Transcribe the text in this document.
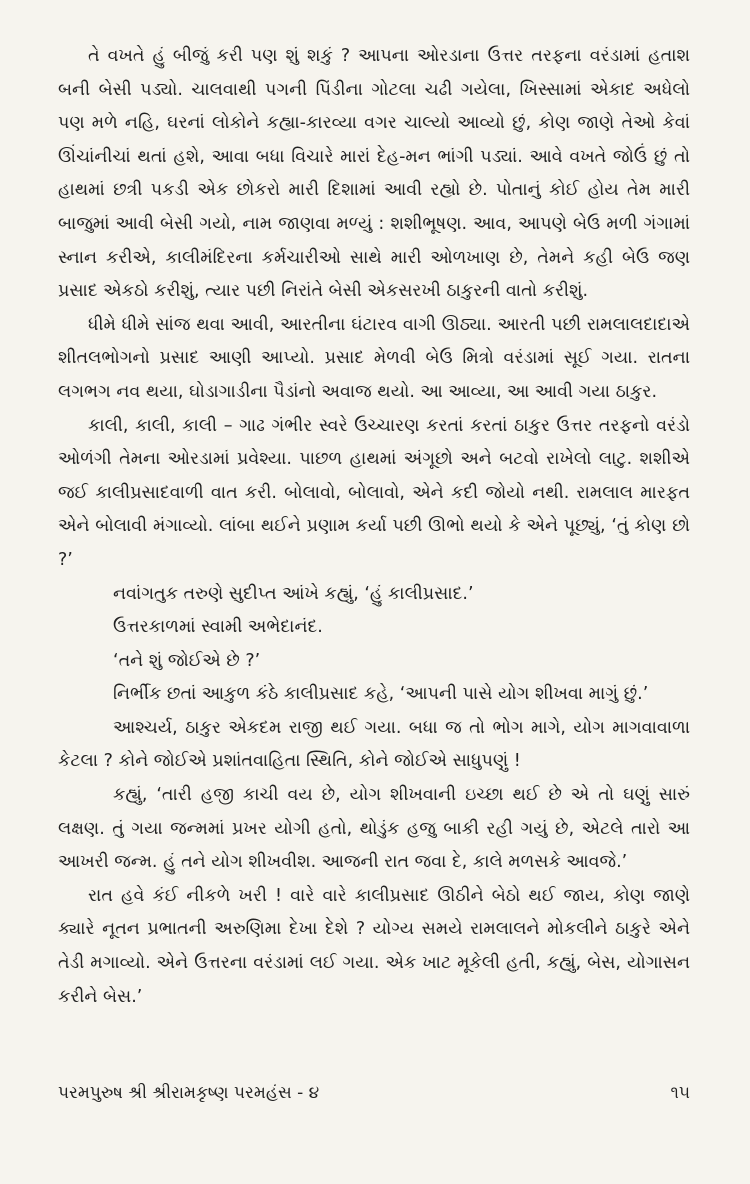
તે વખતે હું બીજું કરી પણ શું શકું ? આપના ઓરડાના ઉત્તર તરફના વરંડામાં હતાશ બની બેસી પડ્યો. ચાલવાથી પગની પિંડીના ગોટલા ચઢી ગયેલા, ખિસ્સામાં એકાદ અધેલો પણ મળે નહિ, ઘરનાં લોકોને કહ્યા-કારવ્યા વગર ચાલ્યો આવ્યો છું, કોણ જાણે તેઓ કેવાં ઊંચાંનીચાં થતાં હશે, આવા બધા વિચારે મારાં દેહ-મન ભાંગી પડ્યાં. આવે વખતે જોઉં છું તો હાથમાં છત્રી પકડી એક છોકરો મારી દિશામાં આવી રહ્યો છે. પોતાનું કોઈ હોય તેમ મારી બાજુમાં આવી બેસી ગયો, નામ જાણવા મળ્યું : શશીભૂષણ. આવ, આપણે બેઉ મળી ગંગામાં સ્નાન કરીએ, કાલીમંદિરના કર્મચારીઓ સાથે મારી ઓળખાણ છે, તેમને કહી બેઉ જણ પ્રસાદ એકઠો કરીશું, ત્યાર પછી નિરાંતે બેસી એકસરખી ઠાકુરની વાતો કરીશું.

ધીમે ધીમે સાંજ થવા આવી, આરતીના ઘંટારવ વાગી ઊઠ્યા. આરતી પછી રામલાલદાદાએ શીતલભોગનો પ્રસાદ આણી આપ્યો. પ્રસાદ મેળવી બેઉ મિત્રો વરંડામાં સૂઈ ગયા. રાતના લગભગ નવ થયા, ઘોડાગાડીના પૈડાંનો અવાજ થયો. આ આવ્યા, આ આવી ગયા ઠાકુર.

કાલી, કાલી, કાલી – ગાઢ ગંભીર સ્વરે ઉચ્ચારણ કરતાં કરતાં ઠાકુર ઉત્તર તરફનો વરંડો ઓળંગી તેમના ઓરડામાં પ્રવેશ્યા. પાછળ હાથમાં અંગૂછો અને બટવો રાખેલો લાટુ. શશીએ જઈ કાલીપ્રસાદવાળી વાત કરી. બોલાવો, બોલાવો, એને કદી જોયો નથી. રામલાલ મારફત એને બોલાવી મંગાવ્યો. લાંબા થઈને પ્રણામ કર્યા પછી ઊભો થયો કે એને પૂછ્યું, ‘તું કોણ છો ?’

નવાંગતુક તરુણે સુદીપ્ત આંખે કહ્યું, ‘હું કાલીપ્રસાદ.’

ઉત્તરકાળમાં સ્વામી અભેદાનંદ.

‘તને શું જોઈએ છે ?’

નિર્ભીક છતાં આકુળ કંઠે કાલીપ્રસાદ કહે, ‘આપની પાસે યોગ શીખવા માગું છું.’

આશ્ચર્ય, ઠાકુર એકદમ રાજી થઈ ગયા. બધા જ તો ભોગ માગે, યોગ માગવાવાળા કેટલા ? કોને જોઈએ પ્રશાંતવાહિતા સ્થિતિ, કોને જોઈએ સાધુપણું !

કહ્યું, ‘તારી હજી કાચી વય છે, યોગ શીખવાની ઇચ્છા થઈ છે એ તો ઘણું સારું લક્ષણ. તું ગયા જન્મમાં પ્રખર યોગી હતો, થોડુંક હજુ બાકી રહી ગયું છે, એટલે તારો આ આખરી જન્મ. હું તને યોગ શીખવીશ. આજની રાત જવા દે, કાલે મળસકે આવજે.’

રાત હવે કંઈ નીકળે ખરી ! વારે વારે કાલીપ્રસાદ ઊઠીને બેઠો થઈ જાય, કોણ જાણે ક્યારે નૂતન પ્રભાતની અરુણિમા દેખા દેશે ? યોગ્ય સમયે રામલાલને મોકલીને ઠાકુરે એને તેડી મગાવ્યો. એને ઉત્તરના વરંડામાં લઈ ગયા. એક ખાટ મૂકેલી હતી, કહ્યું, બેસ, યોગાસન કરીને બેસ.’

પરમપુરુષ શ્રી શ્રીરામકૃષ્ણ પરમહંસ - ૪	૧૫
